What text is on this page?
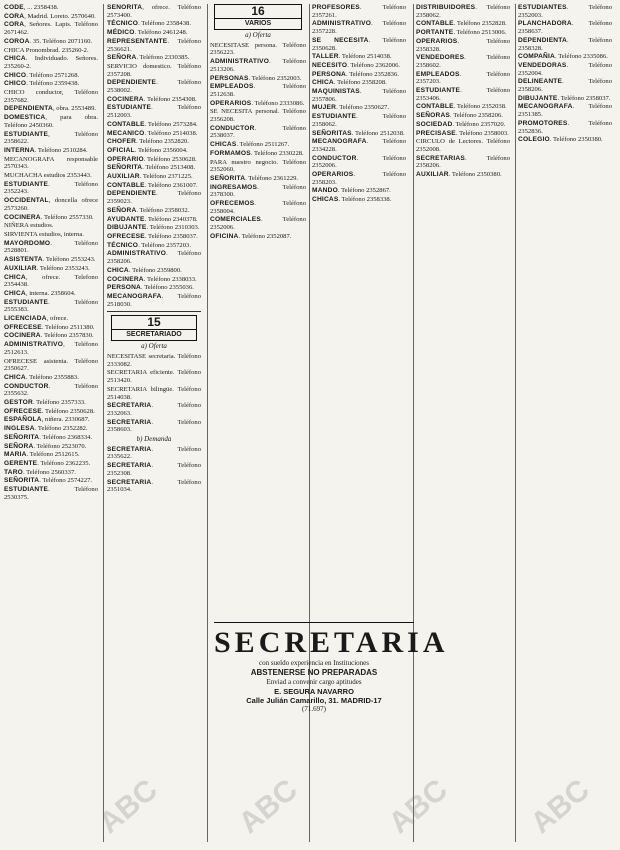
CODE, ... 2358438.

CORA, Madrid. Loreto. 2570640.

CORA, Señores. Lapis. Teléfono 2671462.

COROA. 35. Teléfono 2071160.

CHICA Pronombrad. 235260-2.

CHICA. Individuado. Señores. 235260-2.

CHICO. Teléfono 2571268.

CHICO. Teléfono 2359438.

CHICO conductor, Teléfono 2357682.

DEPENDIENTA, obra. 2553489.

DOMESTICA, para obra. Teléfono 2450360.

ESTUDIANTE, Teléfono 2358622.

INTERNA. Teléfono 2510284.

MECANOGRAFA responsable 2570343.

MUCHACHA estudios 2353443.

ESTUDIANTE. Teléfono 2352243.

OCCIDENTAL, doncella ofrece 2573260.

COCINERA. Teléfono 2557330.

NIÑERA estudios.

SIRVIENTA estudios, interna.

MAYORDOMO. Teléfono 2528801.

ASISTENTA. Teléfono 2553243.

AUXILIAR. Teléfono 2353243.

CHICA, ofrece. Telefono 2354438.

CHICA, interna. 2358604.

ESTUDIANTE. Teléfono 2555383.

LICENCIADA, ofrece.

OFRECESE. Teléfono 2511380.

COCINERA. Teléfono 2357830.

ADMINISTRATIVO, Teléfono 2512613.

OFRECESE asistenta. Teléfono 2350627.

CHICA. Teléfono 2355883.

CONDUCTOR. Teléfono 2355632.

GESTOR. Teléfono 2357333.

OFRECESE. Teléfono 2350628.

ESPAÑOLA, niñera. 2330687.

INGLESA. Teléfono 2352282.

SEÑORITA. Teléfono 2368334.

SEÑORA. Teléfono 2523070.

MARIA. Teléfono 2512615.

GERENTE. Teléfono 2362235.

TARO. Teléfono 2560337.

SEÑORITA. Teléfono 2574227.

ESTUDIANTE. Teléfono 2530375.

SEÑORITA, ofrece. Teléfono 2573400.

TÉCNICO. Teléfono 2358438.

MÉDICO. Teléfono 2461248.

REPRESENTANTE. Teléfono 2536621.

SEÑORA. Teléfono 2330385.

SERVICIO domestico. Teléfono 2357208.

DEPENDIENTE. Teléfono 2538002.

COCINERA. Teléfono 2354308.

ESTUDIANTE. Teléfono 2512003.

CONTABLE. Teléfono 2573284.

MECANICO. Teléfono 2514038.

CHOFER. Teléfono 2352820.

OFICIAL. Teléfono 2356004.

OPERARIO. Teléfono 2530628.

SEÑORITA. Teléfono 2513408.

AUXILIAR. Teléfono 2371225.

CONTABLE. Teléfono 2361007.

DEPENDIENTE. Teléfono 2359023.

SEÑORA. Teléfono 2358032.

AYUDANTE. Teléfono 2340378.

DIBUJANTE. Teléfono 2310303.

OFRECESE. Teléfono 2358037.

TÉCNICO. Teléfono 2357203.

ADMINISTRATIVO. Teléfono 2358206.

CHICA. Teléfono 2359800.

COCINERA. Teléfono 2338033.

PERSONA. Teléfono 2355036.

MECANOGRAFA. Teléfono 2518030.

15
SECRETARIADO
a) Oferta

NECESITASE secretaria. Teléfono 2333082.

SECRETARIA eficiente. Teléfono 2513420.

SECRETARIA bilingüe. Teléfono 2514038.

SECRETARIA. Teléfono 2332063.

SECRETARIA. Teléfono 2358603.

b) Demanda

SECRETARIA. Teléfono 2335622.

SECRETARIA. Teléfono 2352308.

SECRETARIA. Teléfono 2351034.

16
VARIOS
a) Oferta

NECESITASE persona. Teléfono 2356223.

ADMINISTRATIVO. Teléfono 2513206.

PERSONAS. Teléfono 2352003.

EMPLEADOS. Teléfono 2512638.

OPERARIOS. Teléfono 2333086.

SE NECESITA personal. Teléfono 2356208.

CONDUCTOR. Teléfono 2538037.

CHICAS. Teléfono 2511267.

FORMAMOS. Teléfono 2330228.

PARA nuestro negocio. Teléfono 2352060.

SEÑORITA. Teléfono 2361229.

INGRESAMOS. Teléfono 2378300.

OFRECEMOS. Teléfono 2358004.

COMERCIALES. Teléfono 2352006.

OFICINA. Teléfono 2352087.

PROFESORES. Teléfono 2357261.

ADMINISTRATIVO. Teléfono 2357228.

SE NECESITA. Teléfono 2350628.

TALLER. Teléfono 2514038.

NECESITO. Teléfono 2362006.

PERSONA. Teléfono 2352836.

CHICA. Teléfono 2358208.

MAQUINISTAS. Teléfono 2357806.

MUJER. Teléfono 2350627.

ESTUDIANTE. Teléfono 2358062.

SEÑORITAS. Teléfono 2512038.

MECANOGRAFA. Teléfono 2334228.

CONDUCTOR. Teléfono 2352006.

OPERARIOS. Teléfono 2358203.

MANDO. Teléfono 2352867.

CHICAS. Teléfono 2358338.

DISTRIBUIDORES. Teléfono 2358062.

CONTABLE. Teléfono 2352828.

PORTANTE. Teléfono 2513006.

OPERARIOS. Teléfono 2358328.

VENDEDORES. Teléfono 2358602.

EMPLEADOS. Teléfono 2357203.

ESTUDIANTE. Teléfono 2353406.

CONTABLE. Teléfono 2352038.

SEÑORAS. Teléfono 2358206.

SOCIEDAD. Teléfono 2357020.

PRECISASE. Teléfono 2358003.

CIRCULO de Lectores. Teléfono 2352008.

SECRETARIAS. Teléfono 2358206.

AUXILIAR. Teléfono 2350380.

ESTUDIANTES. Teléfono 2352003.

PLANCHADORA. Teléfono 2358637.

DEPENDIENTA. Teléfono 2358328.

COMPAÑIA. Teléfono 2335086.

VENDEDORAS. Teléfono 2352004.

DELINEANTE. Teléfono 2358206.

DIBUJANTE. Teléfono 2358037.

MECANOGRAFA. Teléfono 2351385.

PROMOTORES. Teléfono 2352836.

COLEGIO. Teléfono 2350380.

SECRETARIA
con sueldo experiencia en Instituciones
ABSTENERSE NO PREPARADAS
Enviad a convenir cargo aptitudes
E. SEGURA NAVARRO
Calle Julián Camarillo, 31. MADRID-17
(71.697)
ABC ABC	ABC ABC
